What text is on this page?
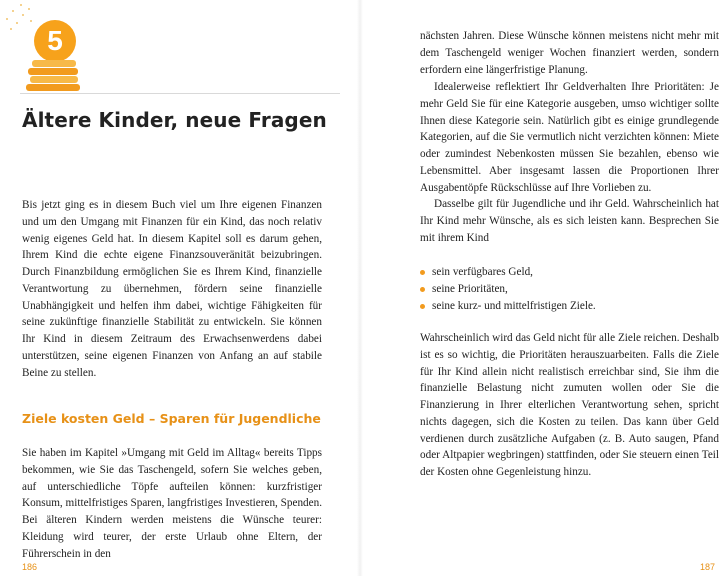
5
Ältere Kinder, neue Fragen

Bis jetzt ging es in diesem Buch viel um Ihre eigenen Finanzen und um den Umgang mit Finanzen für ein Kind, das noch relativ wenig eigenes Geld hat. In diesem Kapitel soll es darum gehen, Ihrem Kind die echte eigene Finanzsouveränität beizubringen. Durch Finanzbildung ermöglichen Sie es Ihrem Kind, finanzielle Verantwortung zu übernehmen, fördern seine finanzielle Unabhängigkeit und helfen ihm dabei, wichtige Fähigkeiten für seine zukünftige finanzielle Stabilität zu entwickeln. Sie können Ihr Kind in diesem Zeitraum des Erwachsenwerdens dabei unterstützen, seine eigenen Finanzen von Anfang an auf stabile Beine zu stellen.

Ziele kosten Geld – Sparen für Jugendliche

Sie haben im Kapitel »Umgang mit Geld im Alltag« bereits Tipps bekommen, wie Sie das Taschengeld, sofern Sie welches geben, auf unterschiedliche Töpfe aufteilen können: kurzfristiger Konsum, mittelfristiges Sparen, langfristiges Investieren, Spenden. Bei älteren Kindern werden meistens die Wünsche teurer: Kleidung wird teurer, der erste Urlaub ohne Eltern, der Führerschein in den

186

nächsten Jahren. Diese Wünsche können meistens nicht mehr mit dem Taschengeld weniger Wochen finanziert werden, sondern erfordern eine längerfristige Planung.

Idealerweise reflektiert Ihr Geldverhalten Ihre Prioritäten: Je mehr Geld Sie für eine Kategorie ausgeben, umso wichtiger sollte Ihnen diese Kategorie sein. Natürlich gibt es einige grundlegende Kategorien, auf die Sie vermutlich nicht verzichten können: Miete oder zumindest Nebenkosten müssen Sie bezahlen, ebenso wie Lebensmittel. Aber insgesamt lassen die Proportionen Ihrer Ausgabentöpfe Rückschlüsse auf Ihre Vorlieben zu.

Dasselbe gilt für Jugendliche und ihr Geld. Wahrscheinlich hat Ihr Kind mehr Wünsche, als es sich leisten kann. Besprechen Sie mit ihrem Kind

sein verfügbares Geld,
seine Prioritäten,
seine kurz- und mittelfristigen Ziele.

Wahrscheinlich wird das Geld nicht für alle Ziele reichen. Deshalb ist es so wichtig, die Prioritäten herauszuarbeiten. Falls die Ziele für Ihr Kind allein nicht realistisch erreichbar sind, Sie ihm die finanzielle Belastung nicht zumuten wollen oder Sie die Finanzierung in Ihrer elterlichen Verantwortung sehen, spricht nichts dagegen, sich die Kosten zu teilen. Das kann über Geld verdienen durch zusätzliche Aufgaben (z. B. Auto saugen, Pfand oder Altpapier wegbringen) stattfinden, oder Sie steuern einen Teil der Kosten ohne Gegenleistung hinzu.

187
